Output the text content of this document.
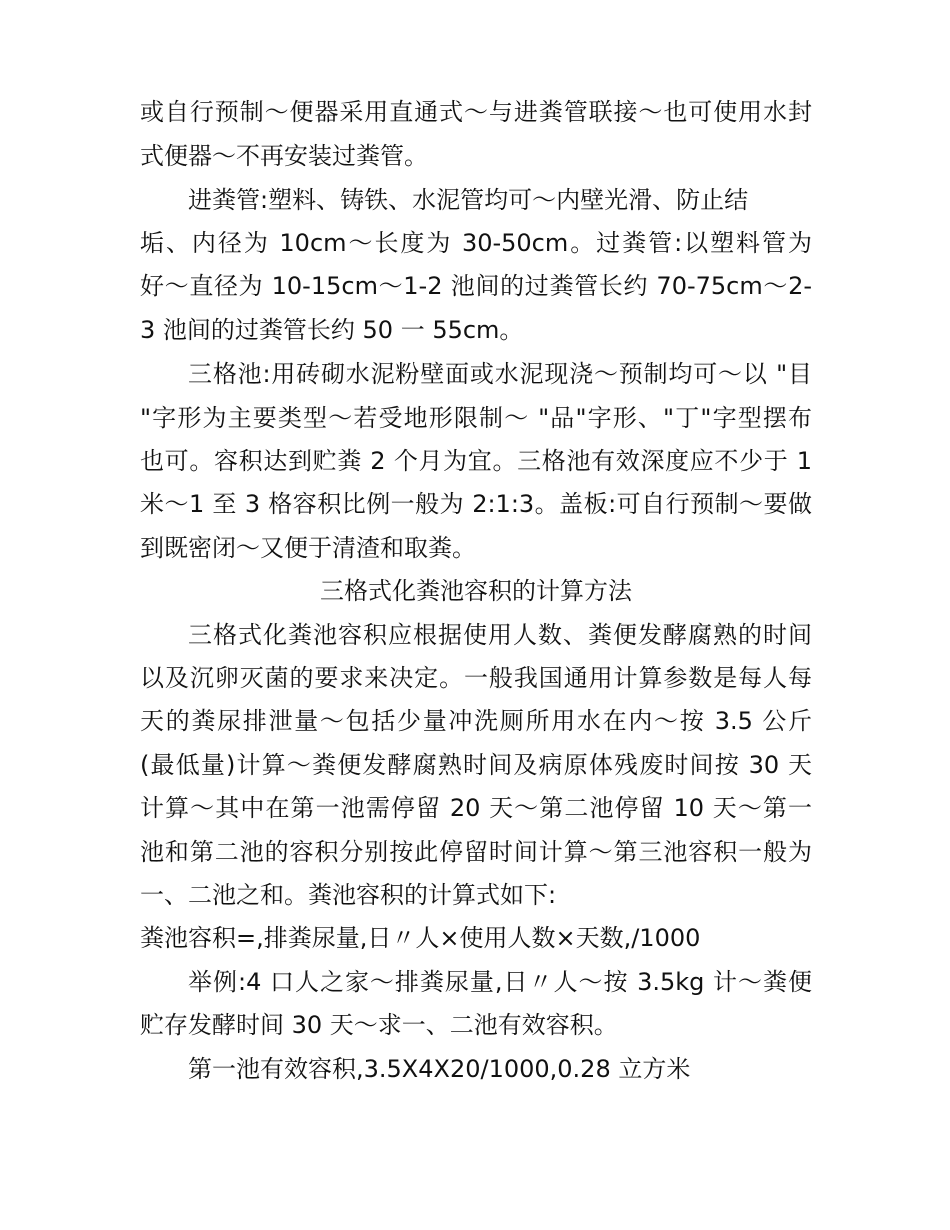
或自行预制～便器采用直通式～与进粪管联接～也可使用水封
式便器～不再安装过粪管。
进粪管:塑料、铸铁、水泥管均可～内壁光滑、防止结
垢、内径为 10cm～长度为 30-50cm。过粪管:以塑料管为
好～直径为 10-15cm～1-2 池间的过粪管长约 70-75cm～2-
3 池间的过粪管长约 50 一 55cm。
三格池:用砖砌水泥粉壁面或水泥现浇～预制均可～以 "目
"字形为主要类型～若受地形限制～ "品"字形、"丁"字型摆布
也可。容积达到贮粪 2 个月为宜。三格池有效深度应不少于 1
米～1 至 3 格容积比例一般为 2:1:3。盖板:可自行预制～要做
到既密闭～又便于清渣和取粪。
三格式化粪池容积的计算方法
三格式化粪池容积应根据使用人数、粪便发酵腐熟的时间
以及沉卵灭菌的要求来决定。一般我国通用计算参数是每人每
天的粪尿排泄量～包括少量冲洗厕所用水在内～按 3.5 公斤
(最低量)计算～粪便发酵腐熟时间及病原体残废时间按 30 天
计算～其中在第一池需停留 20 天～第二池停留 10 天～第一
池和第二池的容积分别按此停留时间计算～第三池容积一般为
一、二池之和。粪池容积的计算式如下:
粪池容积=,排粪尿量,日〃人×使用人数×天数,/1000
举例:4 口人之家～排粪尿量,日〃人～按 3.5kg 计～粪便
贮存发酵时间 30 天～求一、二池有效容积。
第一池有效容积,3.5X4X20/1000,0.28 立方米
